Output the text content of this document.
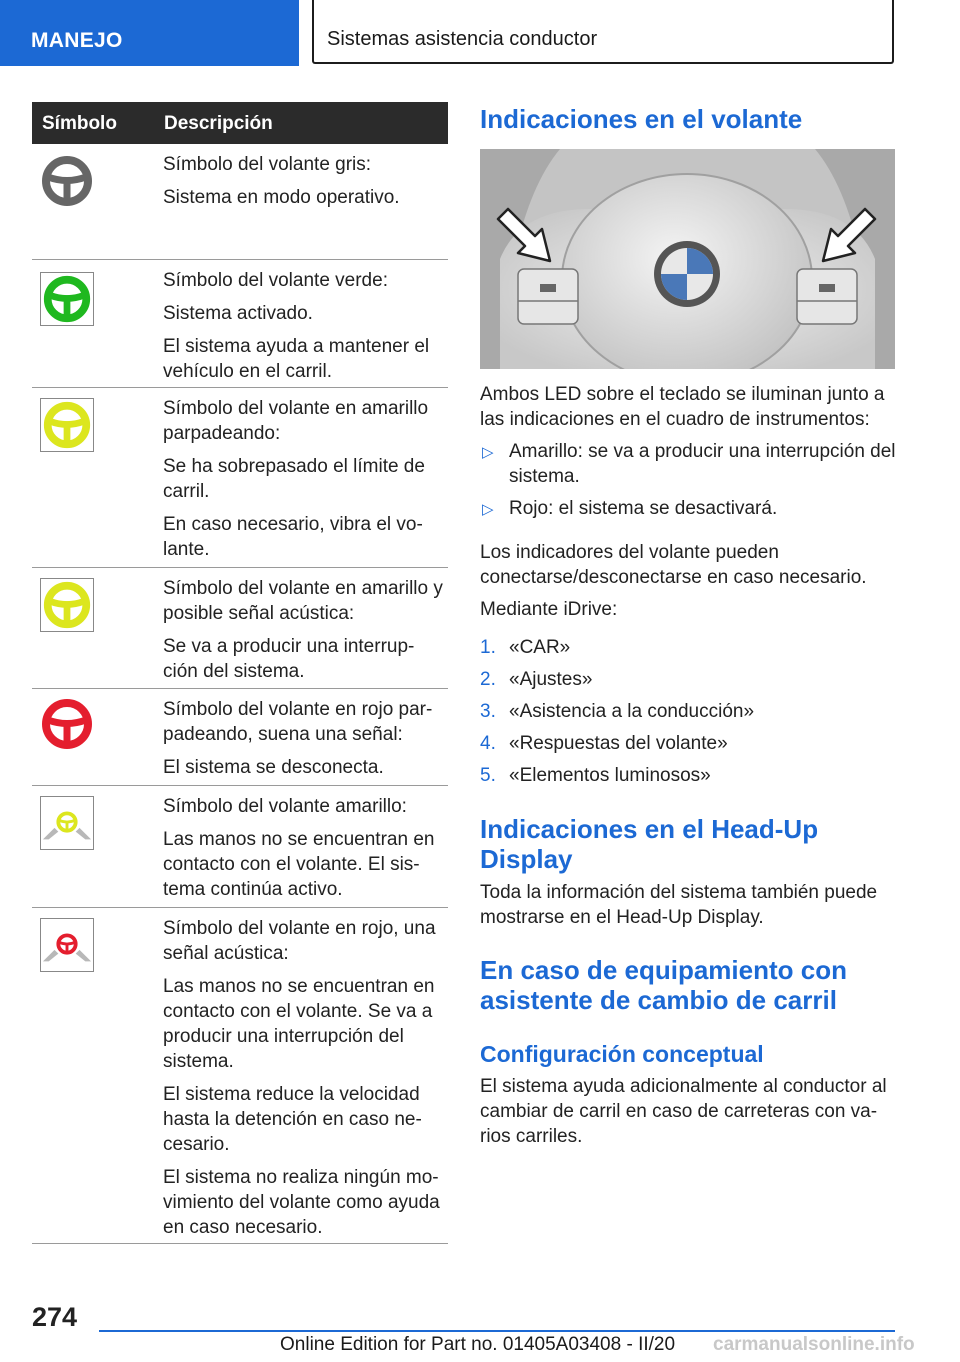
MANEJO	Sistemas asistencia conductor
Símbolo Descripción

Símbolo del volante gris:

Sistema en modo operativo.

Símbolo del volante verde:

Sistema activado.

El sistema ayuda a mantener el vehículo en el carril.

Símbolo del volante en amarillo parpadeando:

Se ha sobrepasado el límite de carril.

En caso necesario, vibra el vo-lante.

Símbolo del volante en amarillo y posible señal acústica:

Se va a producir una interrup-ción del sistema.

Símbolo del volante en rojo par-padeando, suena una señal:

El sistema se desconecta.

Símbolo del volante amarillo:

Las manos no se encuentran en contacto con el volante. El sis-tema continúa activo.

Símbolo del volante en rojo, una señal acústica:

Las manos no se encuentran en contacto con el volante. Se va a producir una interrupción del sistema.

El sistema reduce la velocidad hasta la detención en caso ne-cesario.

El sistema no realiza ningún mo-vimiento del volante como ayuda en caso necesario.

Indicaciones en el volante

Ambos LED sobre el teclado se iluminan junto a las indicaciones en el cuadro de instrumentos:

▷ Amarillo: se va a producir una interrupción del sistema.
▷ Rojo: el sistema se desactivará.

Los indicadores del volante pueden conectarse/desconectarse en caso necesario.

Mediante iDrive:

1. «CAR»
2. «Ajustes»
3. «Asistencia a la conducción»
4. «Respuestas del volante»
5. «Elementos luminosos»
Indicaciones en el Head-Up Display

Toda la información del sistema también puede mostrarse en el Head-Up Display.

En caso de equipamiento con asistente de cambio de carril
Configuración conceptual

El sistema ayuda adicionalmente al conductor al cambiar de carril en caso de carreteras con va-rios carriles.

274
Online Edition for Part no. 01405A03408 - II/20 carmanualsonline.info
